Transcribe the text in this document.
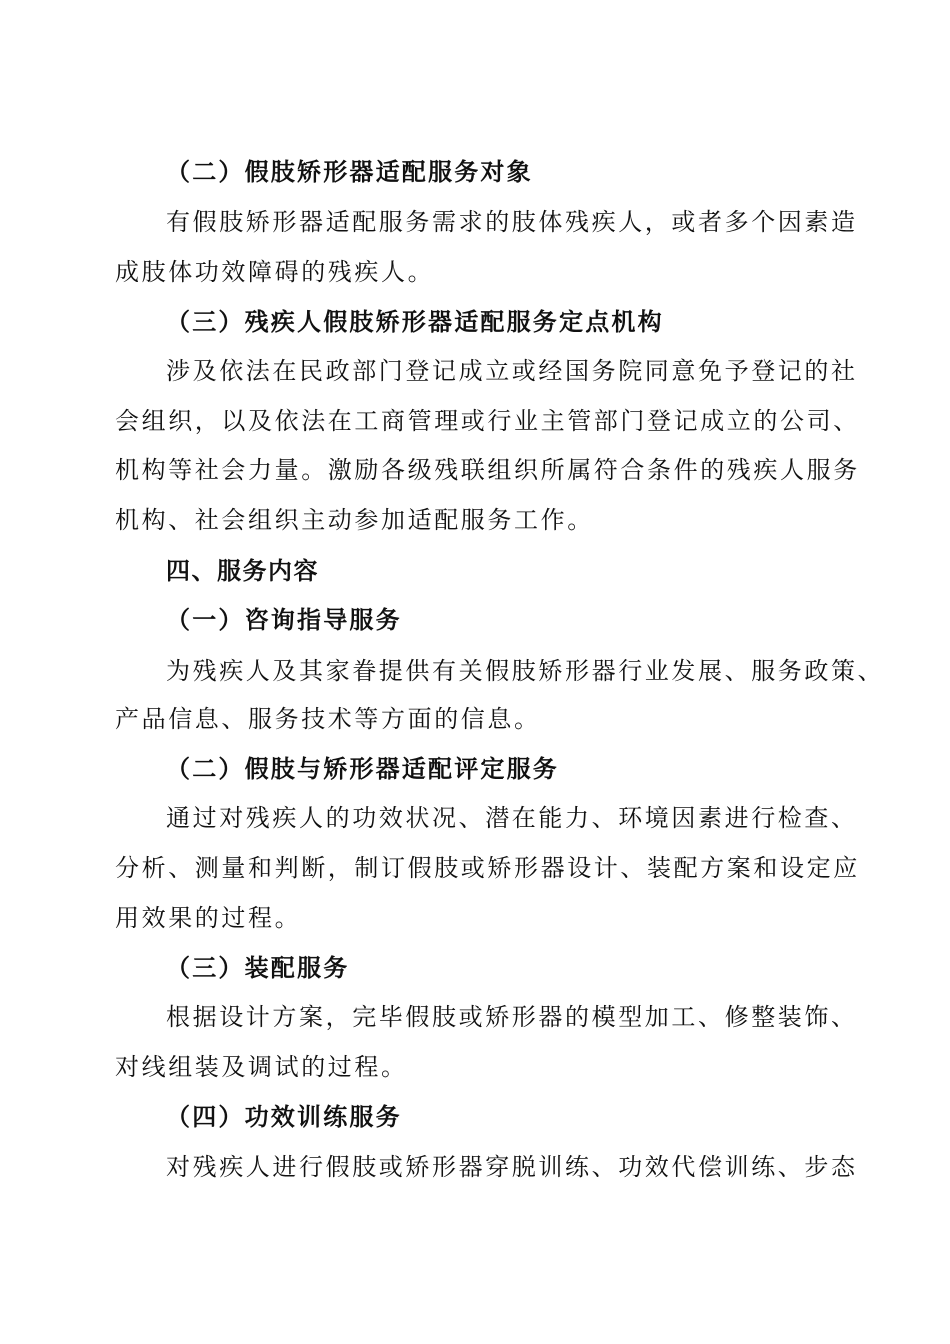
（二）假肢矫形器适配服务对象
有假肢矫形器适配服务需求的肢体残疾人，或者多个因素造
成肢体功效障碍的残疾人。
（三）残疾人假肢矫形器适配服务定点机构
涉及依法在民政部门登记成立或经国务院同意免予登记的社
会组织，以及依法在工商管理或行业主管部门登记成立的公司、
机构等社会力量。激励各级残联组织所属符合条件的残疾人服务
机构、社会组织主动参加适配服务工作。
四、服务内容
（一）咨询指导服务
为残疾人及其家眷提供有关假肢矫形器行业发展、服务政策、
产品信息、服务技术等方面的信息。
（二）假肢与矫形器适配评定服务
通过对残疾人的功效状况、潜在能力、环境因素进行检查、
分析、测量和判断，制订假肢或矫形器设计、装配方案和设定应
用效果的过程。
（三）装配服务
根据设计方案，完毕假肢或矫形器的模型加工、修整装饰、
对线组装及调试的过程。
（四）功效训练服务
对残疾人进行假肢或矫形器穿脱训练、功效代偿训练、步态
